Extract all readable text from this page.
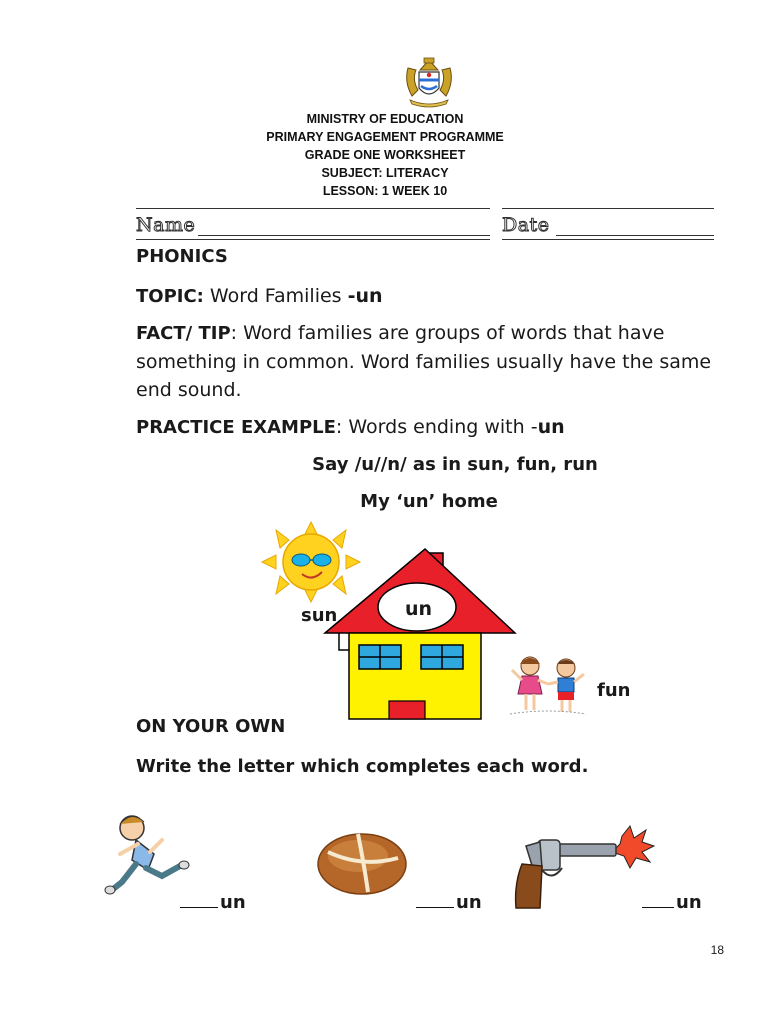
MINISTRY OF EDUCATION
PRIMARY ENGAGEMENT PROGRAMME
GRADE ONE WORKSHEET
SUBJECT: LITERACY
LESSON: 1 WEEK 10
Name	Date
PHONICS
TOPIC: Word Families -un
FACT/ TIP: Word families are groups of words that have
something in common. Word families usually have the same
end sound.
PRACTICE EXAMPLE: Words ending with -un
Say /u//n/ as in sun, fun, run
My ‘un’ home
un
sun
fun
ON YOUR OWN
Write the letter which completes each word.
un	un	un
18
